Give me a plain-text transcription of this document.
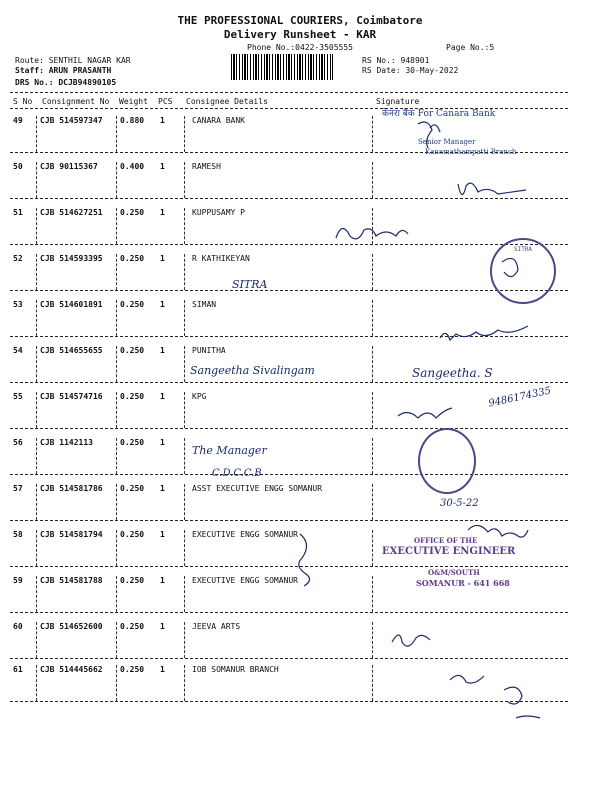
THE PROFESSIONAL COURIERS, Coimbatore
Delivery Runsheet - KAR
Phone No.:0422-3505555	Page No.:5
Route: SENTHIL NAGAR KAR
Staff: ARUN PRASANTH
DRS No.: DCJB94890105
RS No.: 948901
RS Date: 30-May-2022
S No Consignment No Weight PCS Consignee Details	Signature
49 CJB 514597347 0.880 1	CANARA BANK
50 CJB 90115367	0.400 1	RAMESH
51 CJB 514627251 0.250 1	KUPPUSAMY P
52 CJB 514593395 0.250 1	R KATHIKEYAN
53 CJB 514601891 0.250 1	SIMAN
54 CJB 514655655 0.250 1	PUNITHA
55 CJB 514574716 0.250 1	KPG
56 CJB 1142113	0.250 1
57 CJB 514581786 0.250 1	ASST EXECUTIVE ENGG SOMANUR
58 CJB 514581794 0.250 1	EXECUTIVE ENGG SOMANUR
59 CJB 514581788 0.250 1	EXECUTIVE ENGG SOMANUR
60 CJB 514652600 0.250 1	JEEVA ARTS
61 CJB 514445662 0.250 1	IOB SOMANUR BRANCH
केनरा बैंक For Canara Bank
Senior Manager
Kanamathampatti Branch
SITRA
OFFICE OF THE
EXECUTIVE ENGINEER
O&M/SOUTH
SOMANUR - 641 668
SITRA
Sangeetha Sivalingam	Sangeetha. S
9486174335
The Manager
C.D.C.C.B
30-5-22
